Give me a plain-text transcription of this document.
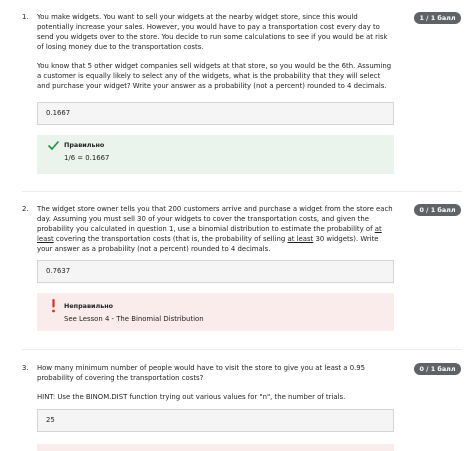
1. You make widgets. You want to sell your widgets at the nearby widget store, since this would potentially increase your sales. However, you would have to pay a transportation cost every day to send you widgets over to the store. You decide to run some calculations to see if you would be at risk of losing money due to the transportation costs.

You know that 5 other widget companies sell widgets at that store, so you would be the 6th. Assuming a customer is equally likely to select any of the widgets, what is the probability that they will select and purchase your widget? Write your answer as a probability (not a percent) rounded to 4 decimals.

1 / 1 балл
0.1667
Правильно
1/6 = 0.1667
2. The widget store owner tells you that 200 customers arrive and purchase a widget from the store each day. Assuming you must sell 30 of your widgets to cover the transportation costs, and given the probability you calculated in question 1, use a binomial distribution to estimate the probability of at least covering the transportation costs (that is, the probability of selling at least 30 widgets). Write your answer as a probability (not a percent) rounded to 4 decimals.

0 / 1 балл
0.7637
Неправильно
See Lesson 4 - The Binomial Distribution
3. How many minimum number of people would have to visit the store to give you at least a 0.95 probability of covering the transportation costs?

HINT: Use the BINOM.DIST function trying out various values for "n", the number of trials.

0 / 1 балл
25
